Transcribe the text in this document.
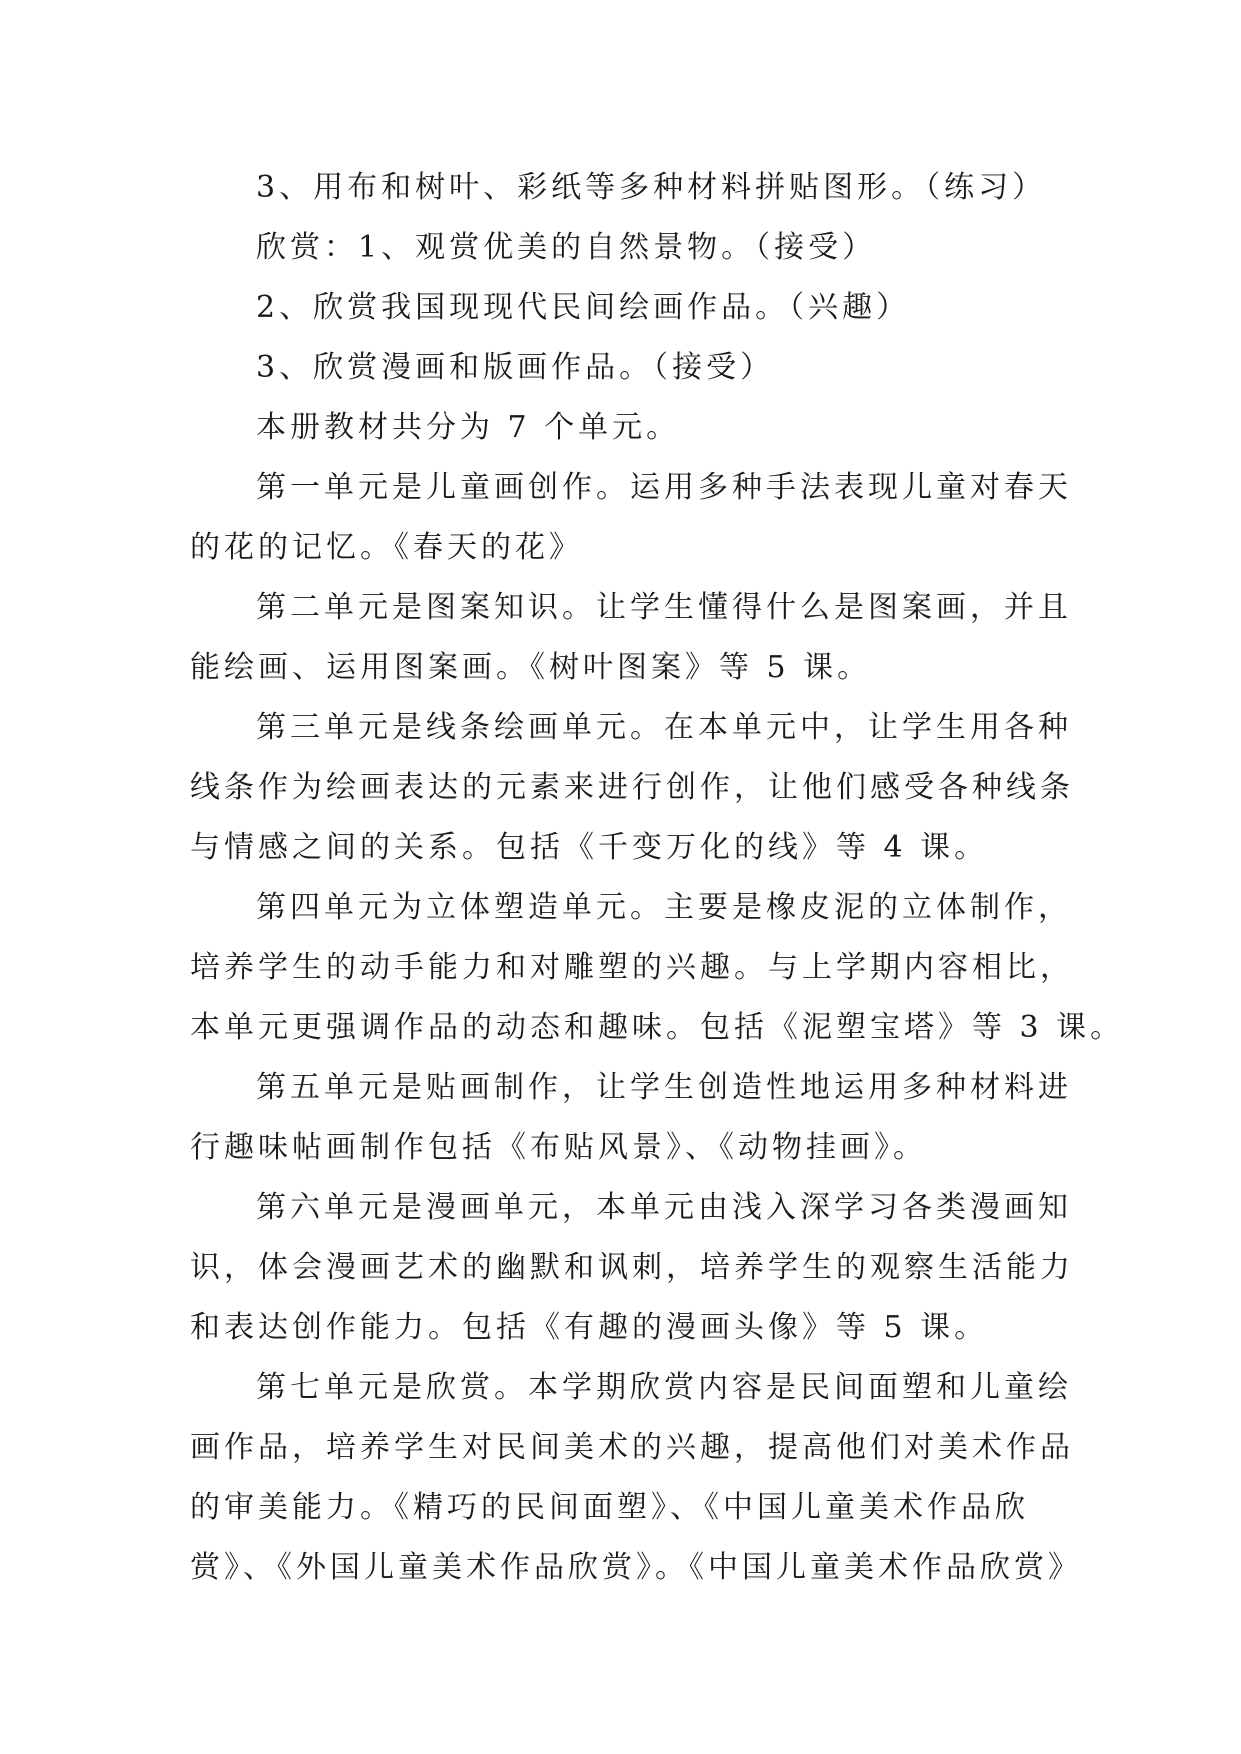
3、用布和树叶、彩纸等多种材料拼贴图形。（练习）
欣赏：1、观赏优美的自然景物。（接受）
2、欣赏我国现现代民间绘画作品。（兴趣）
3、欣赏漫画和版画作品。（接受）
本册教材共分为 7 个单元。
第一单元是儿童画创作。运用多种手法表现儿童对春天
的花的记忆。《春天的花》
第二单元是图案知识。让学生懂得什么是图案画，并且
能绘画、运用图案画。《树叶图案》等 5 课。
第三单元是线条绘画单元。在本单元中，让学生用各种
线条作为绘画表达的元素来进行创作，让他们感受各种线条
与情感之间的关系。包括《千变万化的线》等 4 课。
第四单元为立体塑造单元。主要是橡皮泥的立体制作，
培养学生的动手能力和对雕塑的兴趣。与上学期内容相比，
本单元更强调作品的动态和趣味。包括《泥塑宝塔》等 3 课。
第五单元是贴画制作，让学生创造性地运用多种材料进
行趣味帖画制作包括《布贴风景》、《动物挂画》。
第六单元是漫画单元，本单元由浅入深学习各类漫画知
识，体会漫画艺术的幽默和讽刺，培养学生的观察生活能力
和表达创作能力。包括《有趣的漫画头像》等 5 课。
第七单元是欣赏。本学期欣赏内容是民间面塑和儿童绘
画作品，培养学生对民间美术的兴趣，提高他们对美术作品
的审美能力。《精巧的民间面塑》、《中国儿童美术作品欣
赏》、《外国儿童美术作品欣赏》。《中国儿童美术作品欣赏》
